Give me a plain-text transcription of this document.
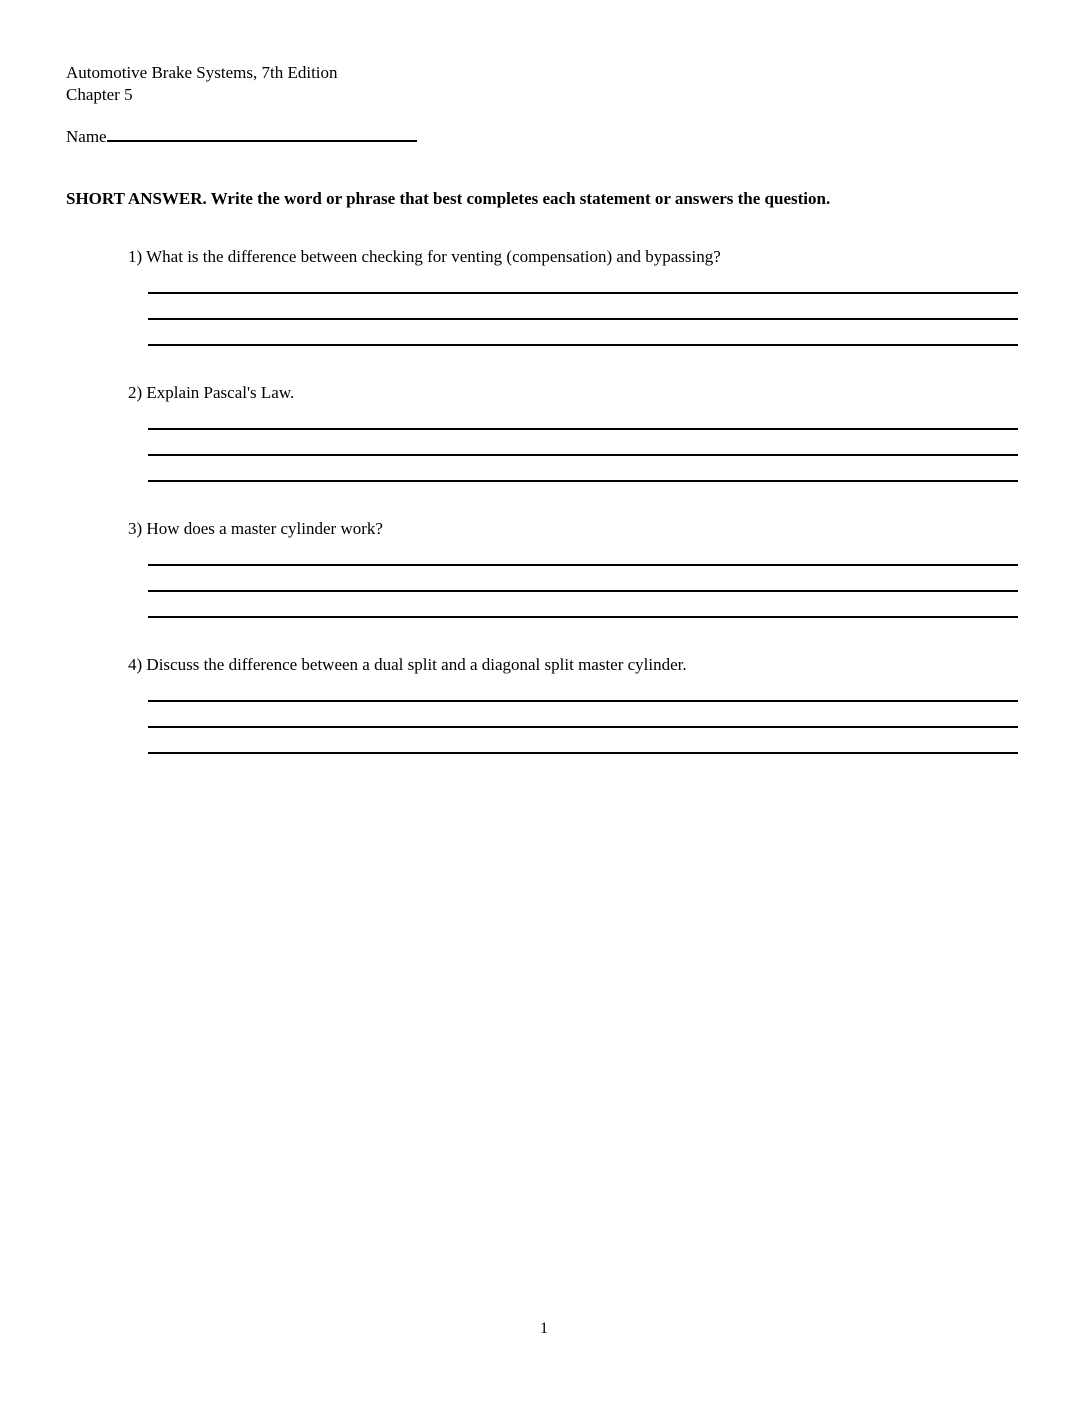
Automotive Brake Systems, 7th Edition
Chapter 5
Name
SHORT ANSWER. Write the word or phrase that best completes each statement or answers the question.
1) What is the difference between checking for venting (compensation) and bypassing?
2) Explain Pascal's Law.
3) How does a master cylinder work?
4) Discuss the difference between a dual split and a diagonal split master cylinder.
1
